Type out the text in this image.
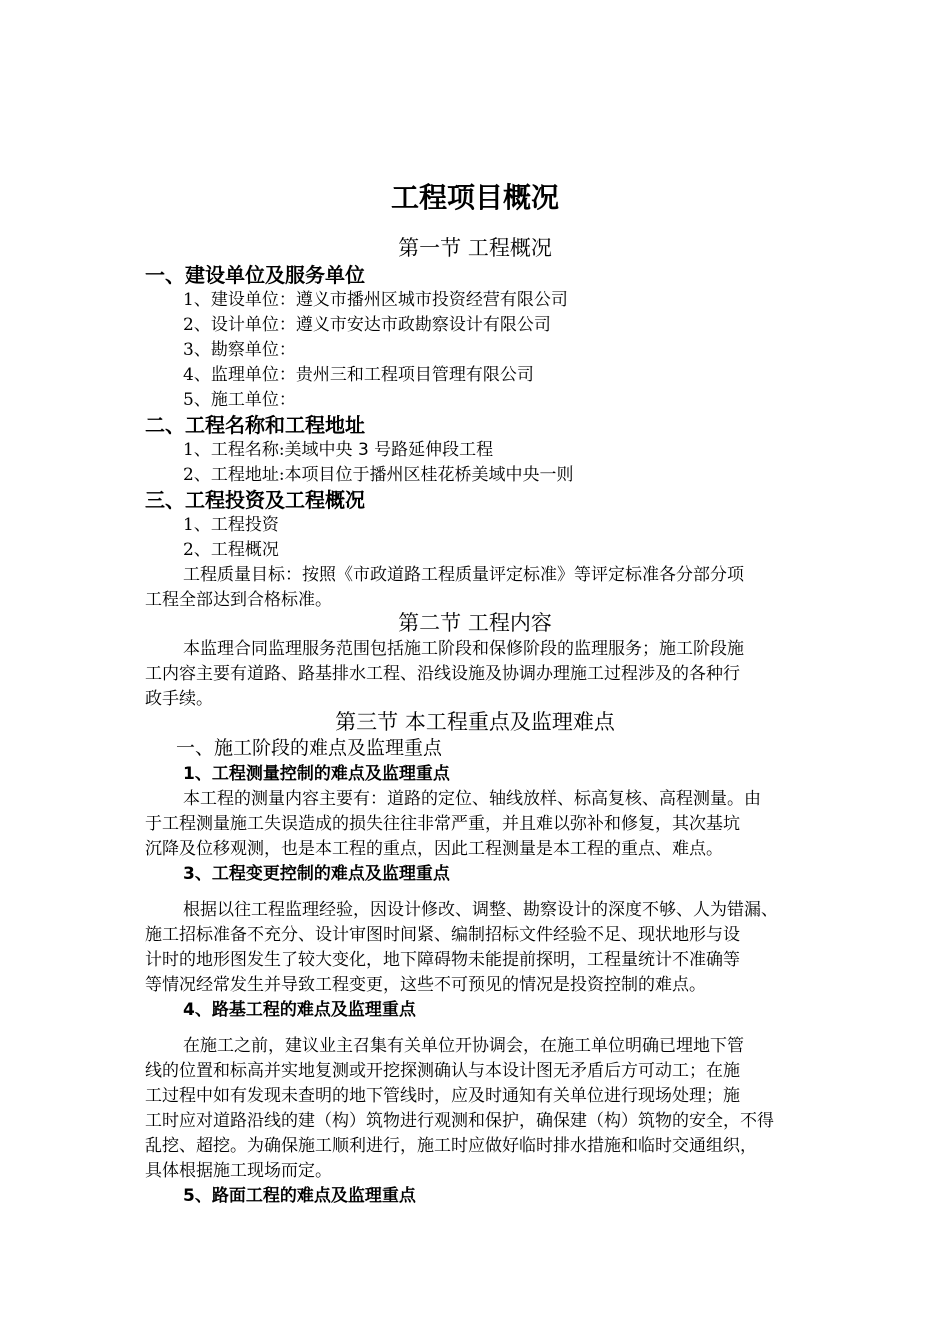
工程项目概况
第一节 工程概况
一、建设单位及服务单位
1、建设单位：遵义市播州区城市投资经营有限公司
2、设计单位：遵义市安达市政勘察设计有限公司
3、勘察单位：
4、监理单位：贵州三和工程项目管理有限公司
5、施工单位：
二、工程名称和工程地址
1、工程名称:美域中央 3 号路延伸段工程
2、工程地址:本项目位于播州区桂花桥美域中央一则
三、工程投资及工程概况
1、工程投资
2、工程概况
工程质量目标：按照《市政道路工程质量评定标准》等评定标准各分部分项
工程全部达到合格标准。
第二节 工程内容
本监理合同监理服务范围包括施工阶段和保修阶段的监理服务；施工阶段施
工内容主要有道路、路基排水工程、沿线设施及协调办理施工过程涉及的各种行
政手续。
第三节 本工程重点及监理难点
一、施工阶段的难点及监理重点
1、工程测量控制的难点及监理重点
本工程的测量内容主要有：道路的定位、轴线放样、标高复核、高程测量。由
于工程测量施工失误造成的损失往往非常严重，并且难以弥补和修复，其次基坑
沉降及位移观测，也是本工程的重点，因此工程测量是本工程的重点、难点。
3、工程变更控制的难点及监理重点
根据以往工程监理经验，因设计修改、调整、勘察设计的深度不够、人为错漏、
施工招标准备不充分、设计审图时间紧、编制招标文件经验不足、现状地形与设
计时的地形图发生了较大变化，地下障碍物未能提前探明，工程量统计不准确等
等情况经常发生并导致工程变更，这些不可预见的情况是投资控制的难点。
4、路基工程的难点及监理重点
在施工之前，建议业主召集有关单位开协调会，在施工单位明确已埋地下管
线的位置和标高并实地复测或开挖探测确认与本设计图无矛盾后方可动工；在施
工过程中如有发现未查明的地下管线时，应及时通知有关单位进行现场处理；施
工时应对道路沿线的建（构）筑物进行观测和保护，确保建（构）筑物的安全，不得
乱挖、超挖。为确保施工顺利进行，施工时应做好临时排水措施和临时交通组织，
具体根据施工现场而定。
5、路面工程的难点及监理重点
